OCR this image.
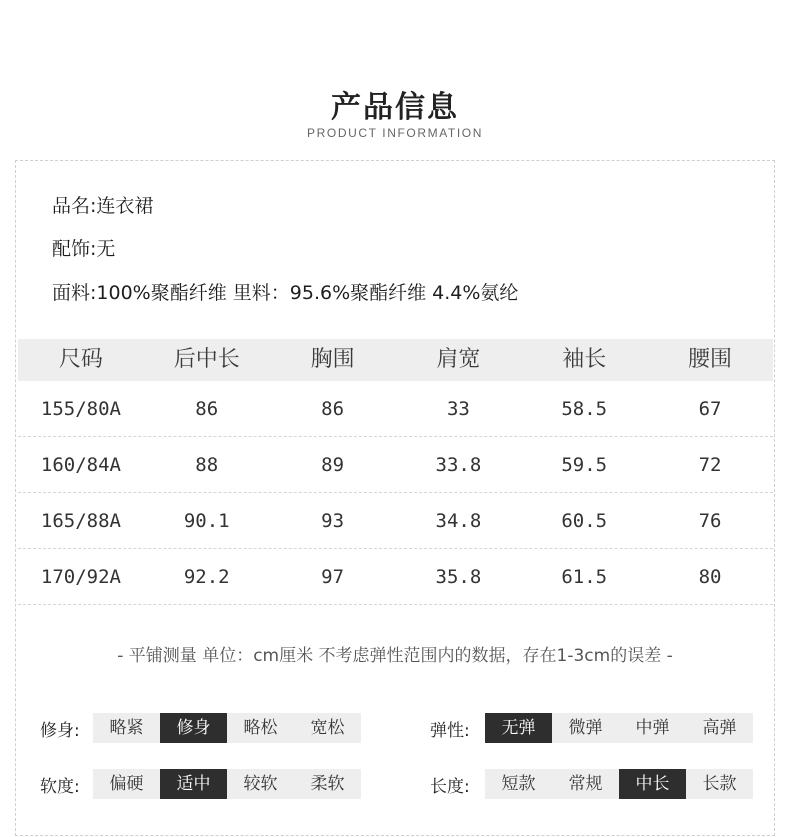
产品信息
PRODUCT INFORMATION
品名:连衣裙
配饰:无
面料:100%聚酯纤维 里料：95.6%聚酯纤维 4.4%氨纶
尺码	后中长	胸围	肩宽	袖长	腰围
155/80A	86	86	33	58.5	67
160/84A	88	89	33.8	59.5	72
165/88A	90.1	93	34.8	60.5	76
170/92A	92.2	97	35.8	61.5	80
- 平铺测量 单位：cm厘米 不考虑弹性范围内的数据，存在1-3cm的误差 -
修身:	略紧	修身	略松	宽松	弹性:	无弹	微弹	中弹	高弹
软度:	偏硬	适中	较软	柔软	长度:	短款	常规	中长	长款
